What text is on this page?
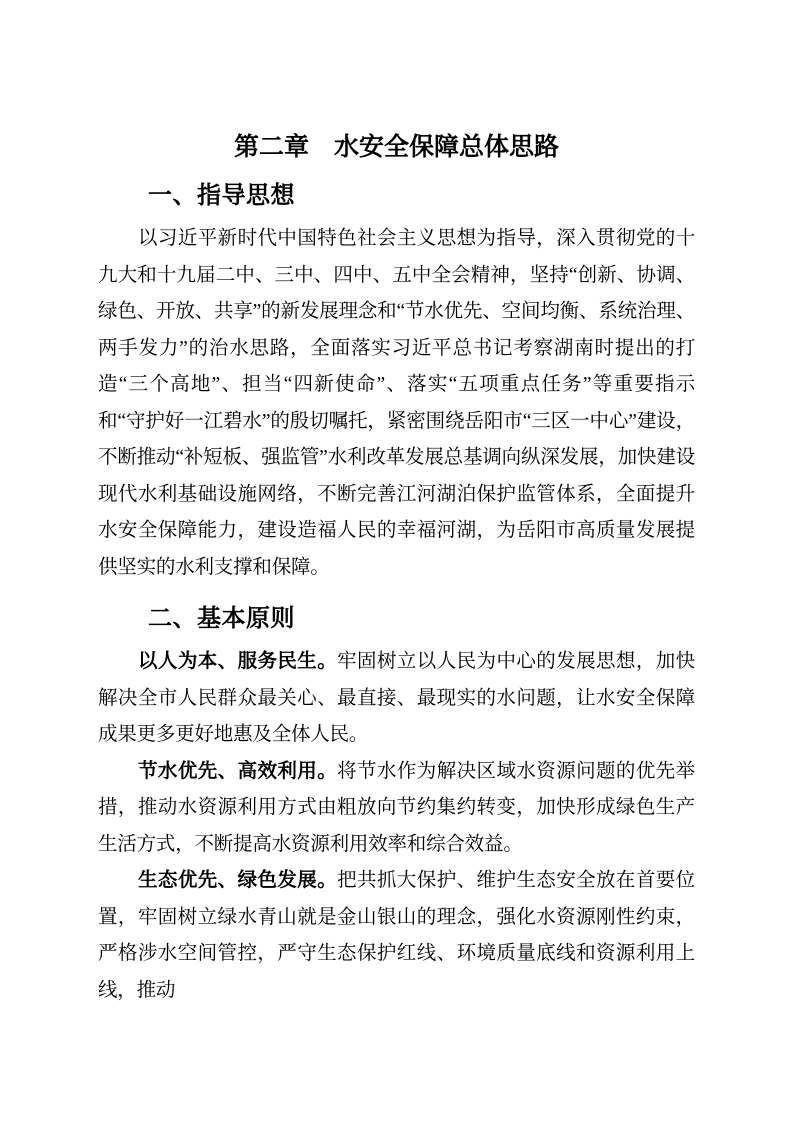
第二章　水安全保障总体思路
一、指导思想

以习近平新时代中国特色社会主义思想为指导，深入贯彻党的十九大和十九届二中、三中、四中、五中全会精神，坚持“创新、协调、绿色、开放、共享”的新发展理念和“节水优先、空间均衡、系统治理、两手发力”的治水思路，全面落实习近平总书记考察湖南时提出的打造“三个高地”、担当“四新使命”、落实“五项重点任务”等重要指示和“守护好一江碧水”的殷切嘱托，紧密围绕岳阳市“三区一中心”建设，不断推动“补短板、强监管”水利改革发展总基调向纵深发展，加快建设现代水利基础设施网络，不断完善江河湖泊保护监管体系，全面提升水安全保障能力，建设造福人民的幸福河湖，为岳阳市高质量发展提供坚实的水利支撑和保障。

二、基本原则

以人为本、服务民生。牢固树立以人民为中心的发展思想，加快解决全市人民群众最关心、最直接、最现实的水问题，让水安全保障成果更多更好地惠及全体人民。

节水优先、高效利用。将节水作为解决区域水资源问题的优先举措，推动水资源利用方式由粗放向节约集约转变，加快形成绿色生产生活方式，不断提高水资源利用效率和综合效益。

生态优先、绿色发展。把共抓大保护、维护生态安全放在首要位置，牢固树立绿水青山就是金山银山的理念，强化水资源刚性约束，严格涉水空间管控，严守生态保护红线、环境质量底线和资源利用上线，推动
